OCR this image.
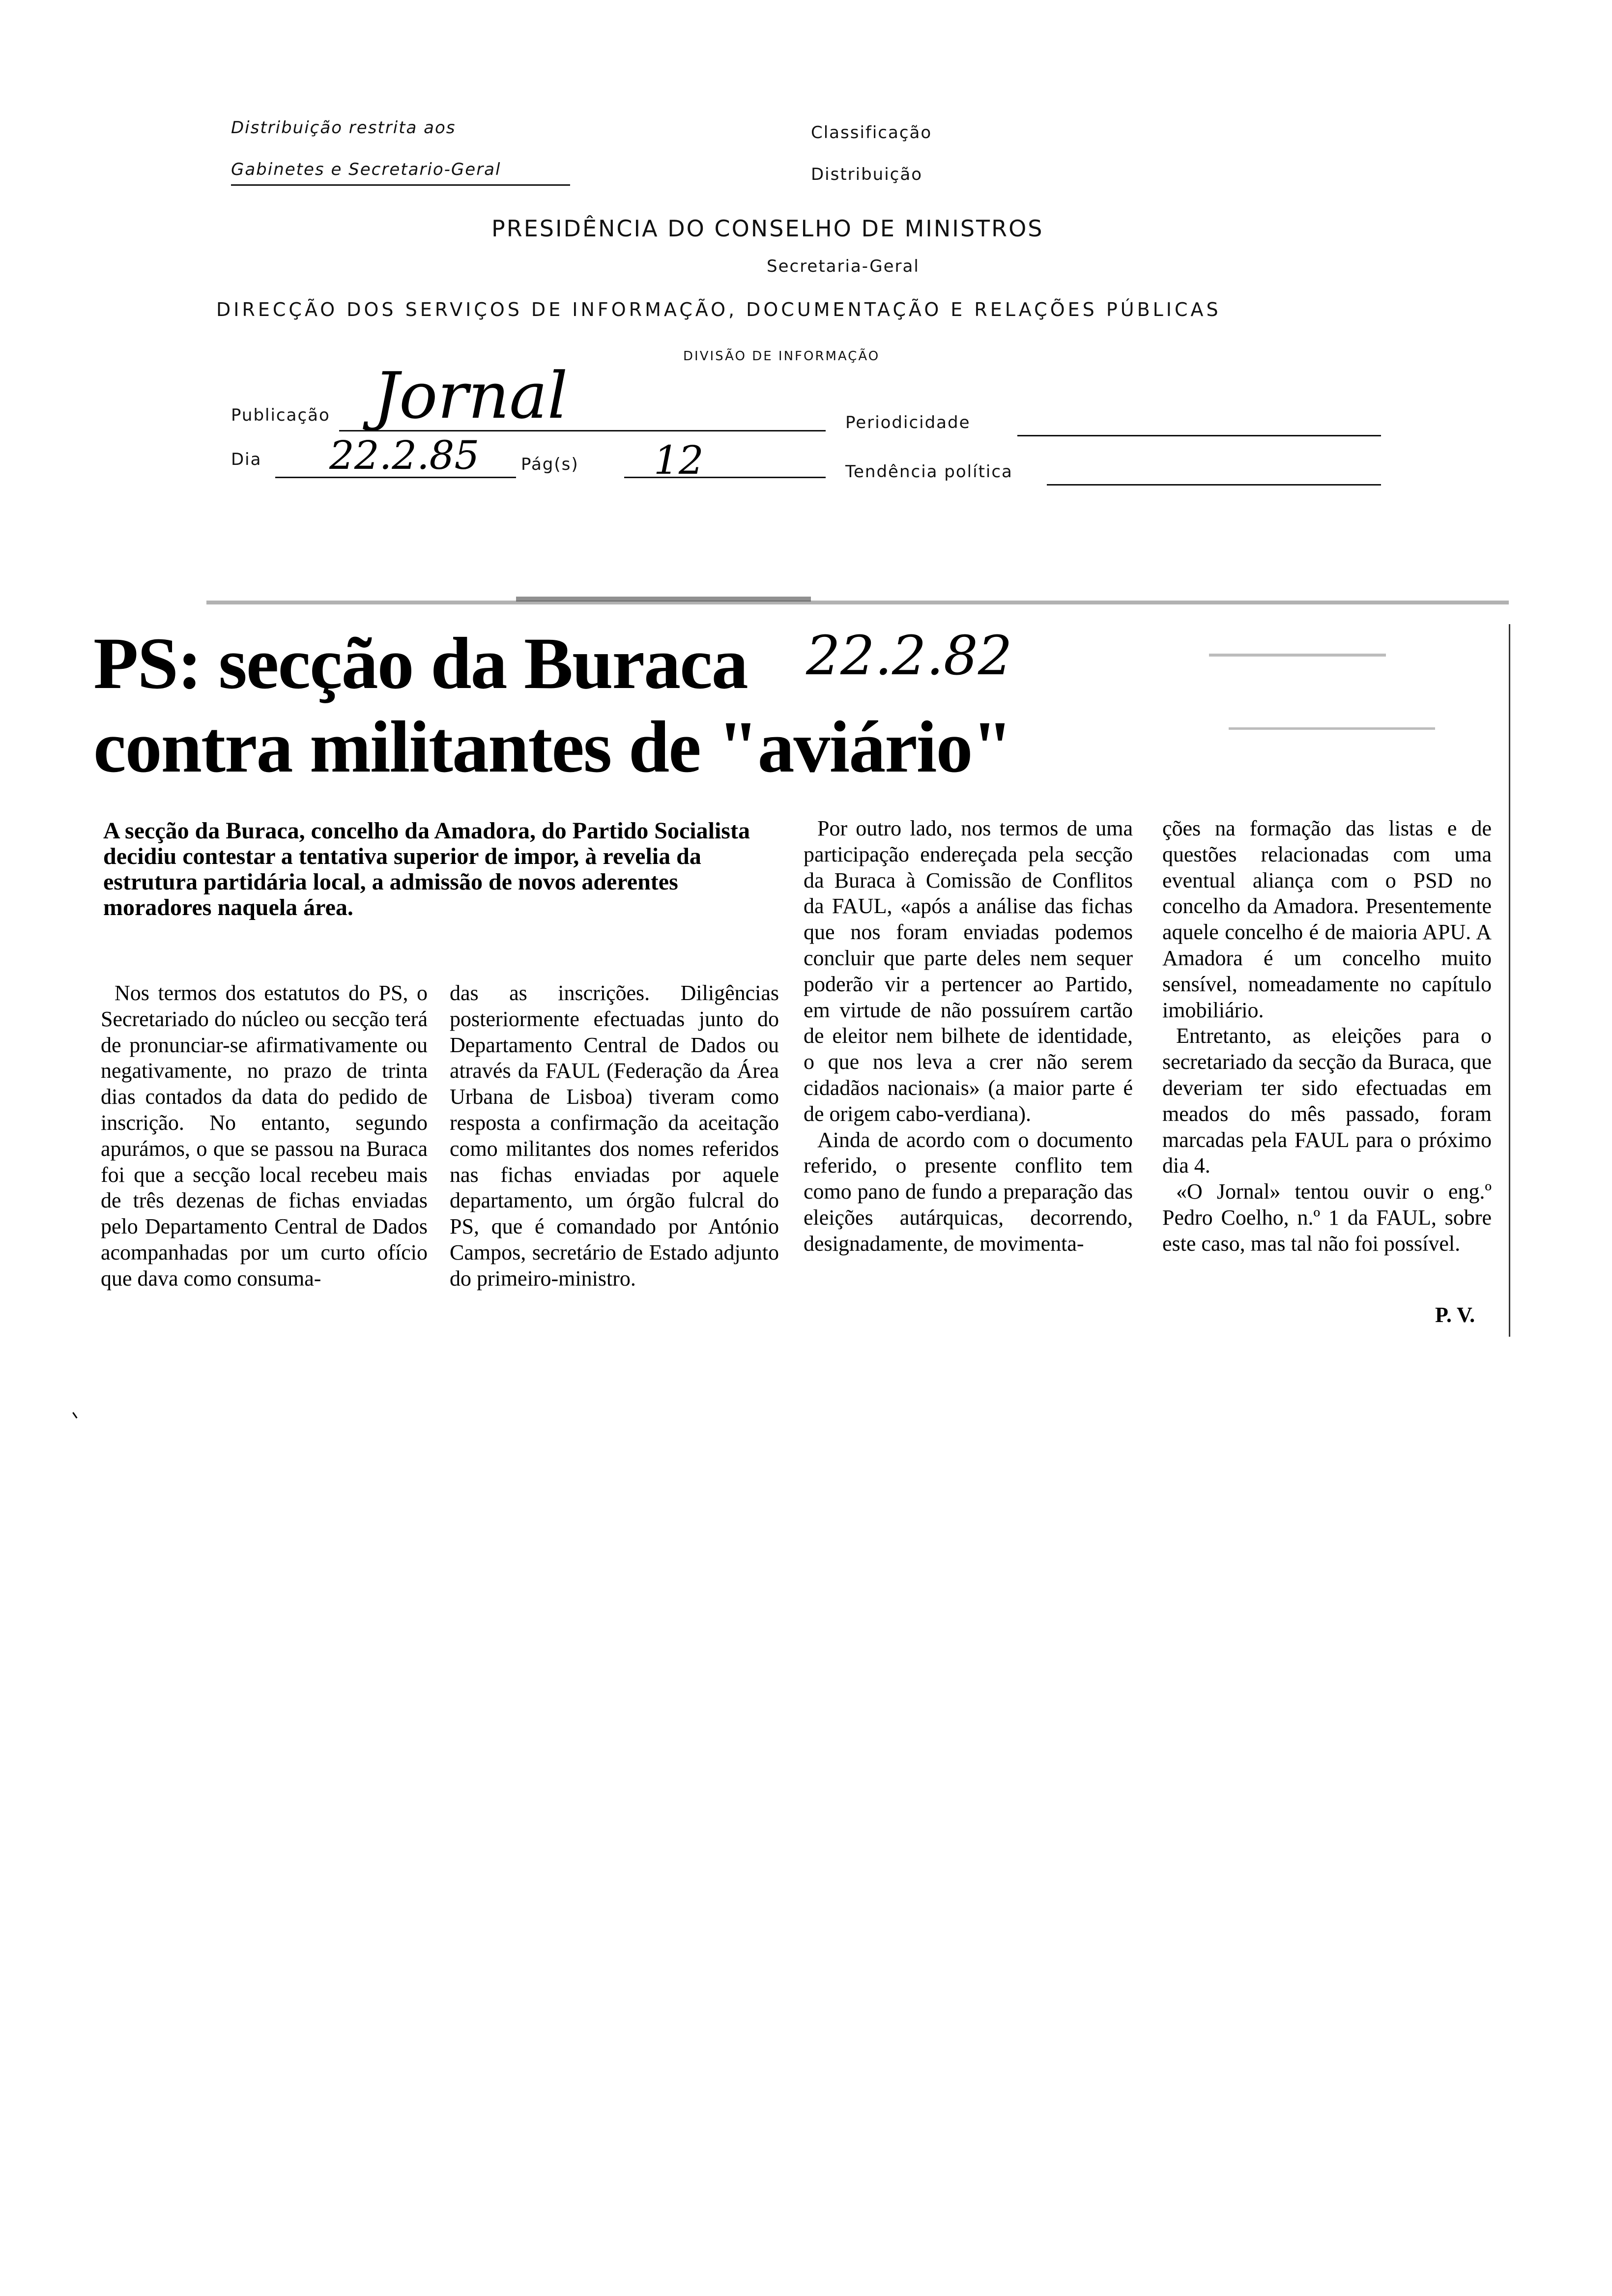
Distribuição restrita aos
Gabinetes e Secretario-Geral
Classificação
Distribuição
PRESIDÊNCIA DO CONSELHO DE MINISTROS
Secretaria-Geral
DIRECÇÃO DOS SERVIÇOS DE INFORMAÇÃO, DOCUMENTAÇÃO E RELAÇÕES PÚBLICAS
DIVISÃO DE INFORMAÇÃO
Publicação Jornal	Periodicidade
Dia 22.2.85 Pág(s) 12	Tendência política
PS: secção da Buraca
contra militantes de "aviário"
22.2.82
A secção da Buraca, concelho da Amadora, do Partido Socialista decidiu contestar a tentativa superior de impor, à revelia da estrutura partidária local, a admissão de novos aderentes moradores naquela área.

Nos termos dos estatutos do PS, o Secretariado do núcleo ou secção terá de pronunciar-se afirmativamente ou negativamente, no prazo de trinta dias contados da data do pedido de inscrição. No entanto, segundo apurámos, o que se passou na Buraca foi que a secção local recebeu mais de três dezenas de fichas enviadas pelo Departamento Central de Dados acompanhadas por um curto ofício que dava como consuma-

das as inscrições. Diligências posteriormente efectuadas junto do Departamento Central de Dados ou através da FAUL (Federação da Área Urbana de Lisboa) tiveram como resposta a confirmação da aceitação como militantes dos nomes referidos nas fichas enviadas por aquele departamento, um órgão fulcral do PS, que é comandado por António Campos, secretário de Estado adjunto do primeiro-ministro.

Por outro lado, nos termos de uma participação endereçada pela secção da Buraca à Comissão de Conflitos da FAUL, «após a análise das fichas que nos foram enviadas podemos concluir que parte deles nem sequer poderão vir a pertencer ao Partido, em virtude de não possuírem cartão de eleitor nem bilhete de identidade, o que nos leva a crer não serem cidadãos nacionais» (a maior parte é de origem cabo-verdiana).

Ainda de acordo com o documento referido, o presente conflito tem como pano de fundo a preparação das eleições autárquicas, decorrendo, designadamente, de movimenta-

ções na formação das listas e de questões relacionadas com uma eventual aliança com o PSD no concelho da Amadora. Presentemente aquele concelho é de maioria APU. A Amadora é um concelho muito sensível, nomeadamente no capítulo imobiliário.

Entretanto, as eleições para o secretariado da secção da Buraca, que deveriam ter sido efectuadas em meados do mês passado, foram marcadas pela FAUL para o próximo dia 4.

«O Jornal» tentou ouvir o eng.º Pedro Coelho, n.º 1 da FAUL, sobre este caso, mas tal não foi possível.

P. V.
